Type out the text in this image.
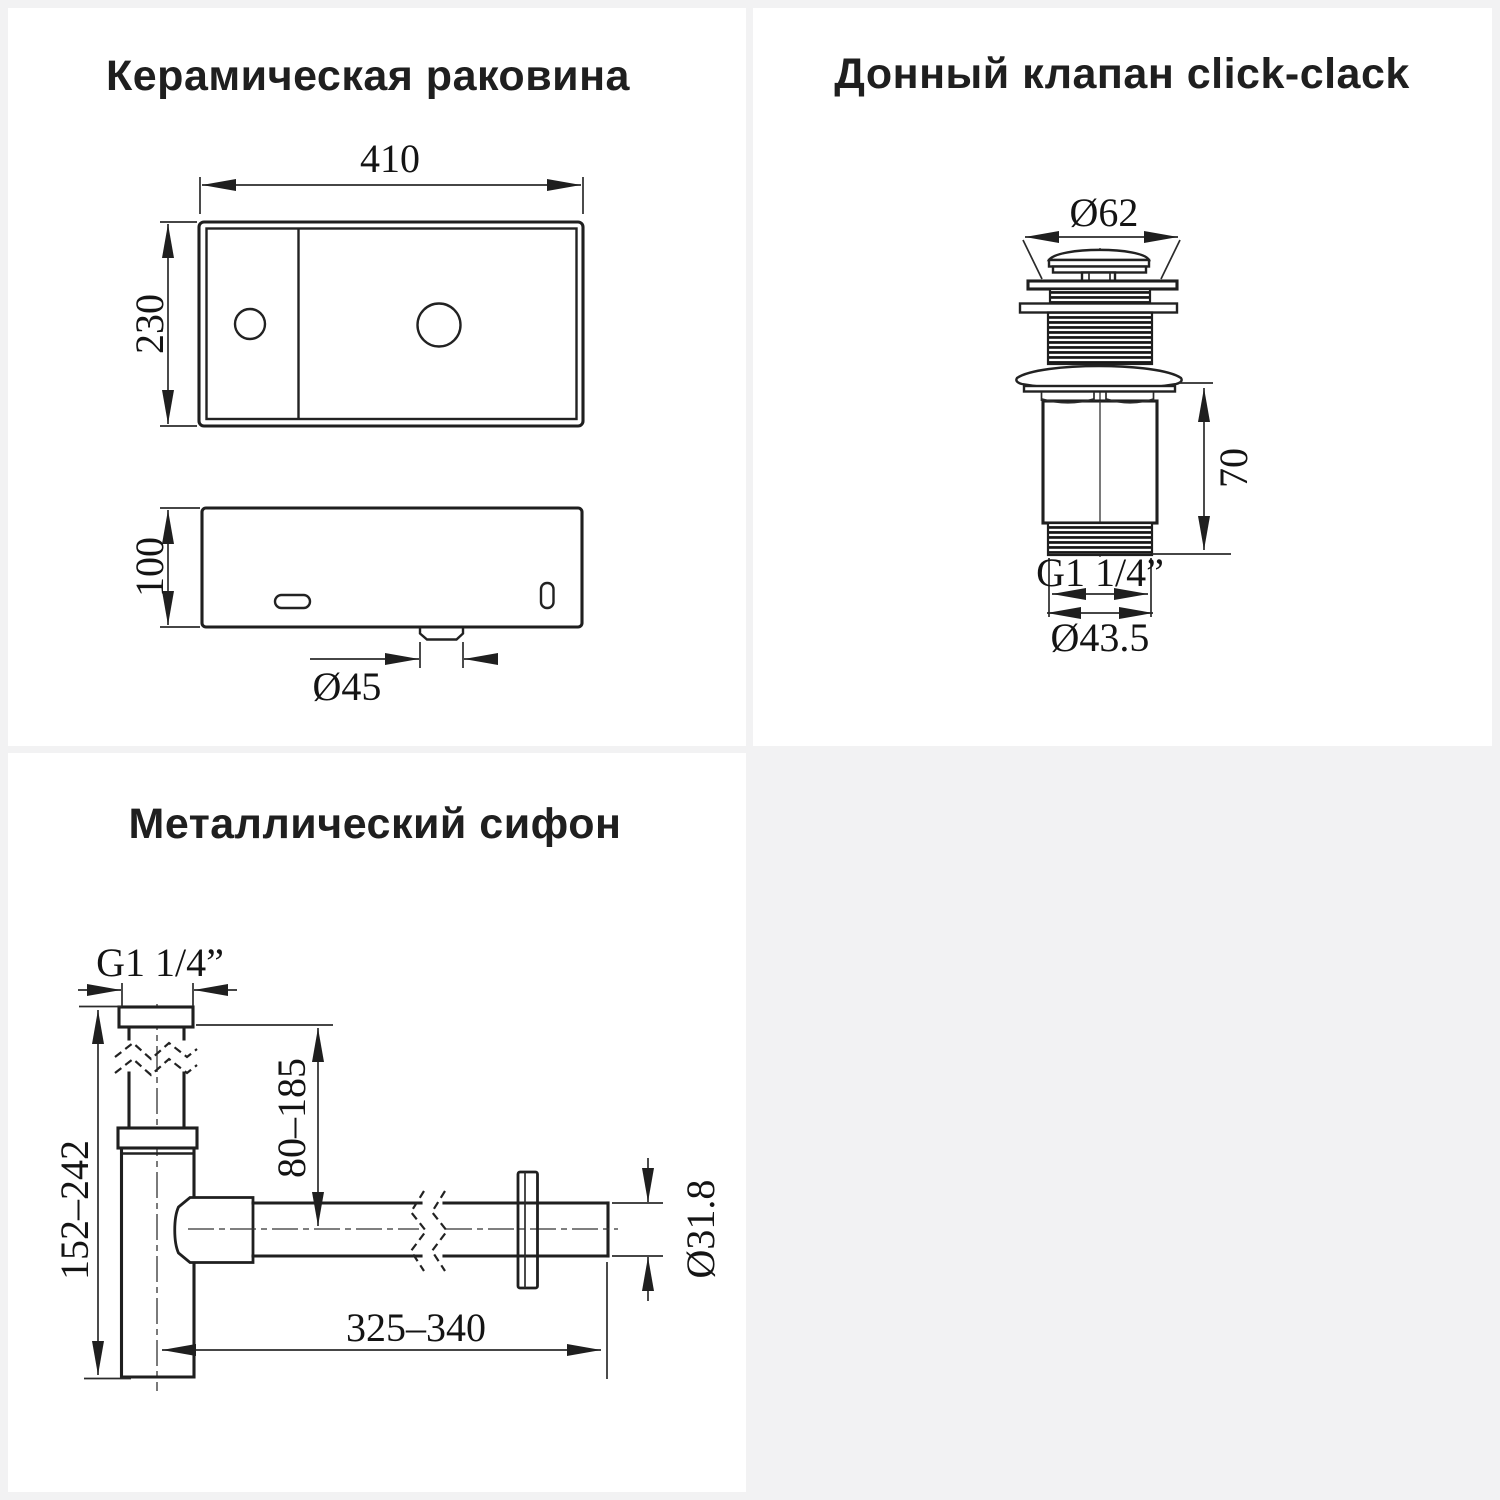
Керамическая раковина
410
230
100
Ø45
Донный клапан click-clack
Ø62
70
G1 1/4”
Ø43.5
Металлический сифон
G1 1/4”
152–242
80–185
325–340
Ø31.8
